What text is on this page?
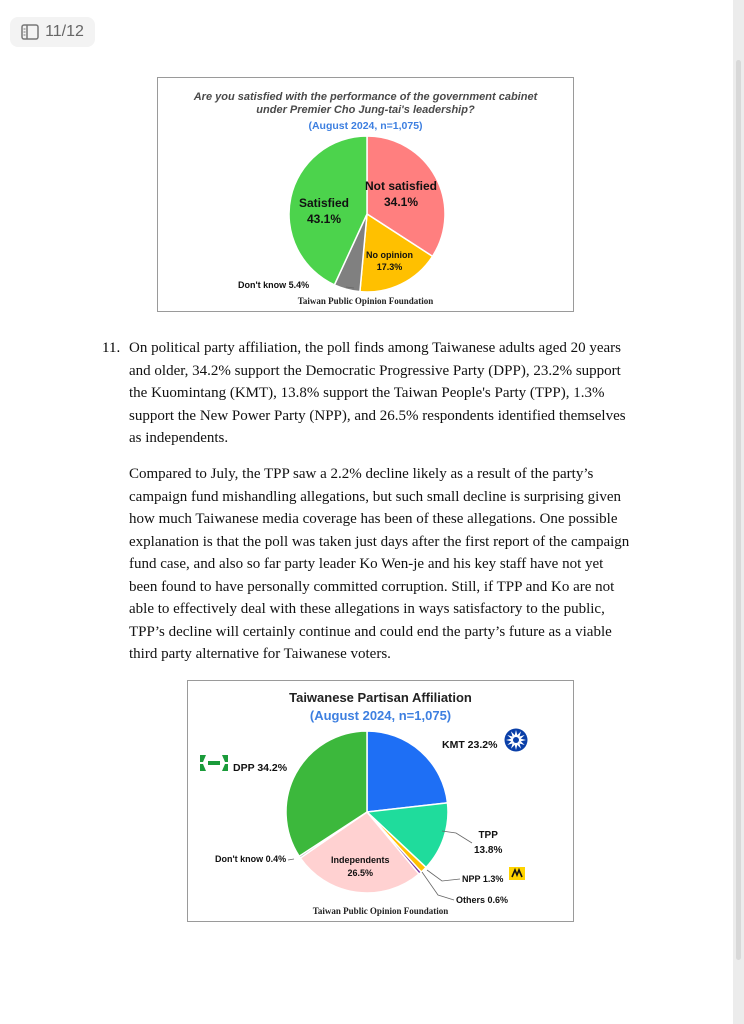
11/12
Are you satisfied with the performance of the government cabinet
under Premier Cho Jung-tai's leadership?
(August 2024, n=1,075)
Not satisfied
34.1%
Satisfied
43.1%
No opinion
17.3%
Don't know 5.4%
Taiwan Public Opinion Foundation
11. On political party affiliation, the poll finds among Taiwanese adults aged 20 years and older, 34.2% support the Democratic Progressive Party (DPP), 23.2% support the Kuomintang (KMT), 13.8% support the Taiwan People's Party (TPP), 1.3% support the New Power Party (NPP), and 26.5% respondents identified themselves as independents.
Compared to July, the TPP saw a 2.2% decline likely as a result of the party’s campaign fund mishandling allegations, but such small decline is surprising given how much Taiwanese media coverage has been of these allegations. One possible explanation is that the poll was taken just days after the first report of the campaign fund case, and also so far party leader Ko Wen-je and his key staff have not yet been found to have personally committed corruption. Still, if TPP and Ko are not able to effectively deal with these allegations in ways satisfactory to the public, TPP’s decline will certainly continue and could end the party’s future as a viable third party alternative for Taiwanese voters.
Taiwanese Partisan Affiliation
(August 2024, n=1,075)
DPP 34.2%
KMT 23.2%
TPP
13.8%
NPP 1.3%
Others 0.6%
Independents
26.5%
Don't know 0.4%
Taiwan Public Opinion Foundation
